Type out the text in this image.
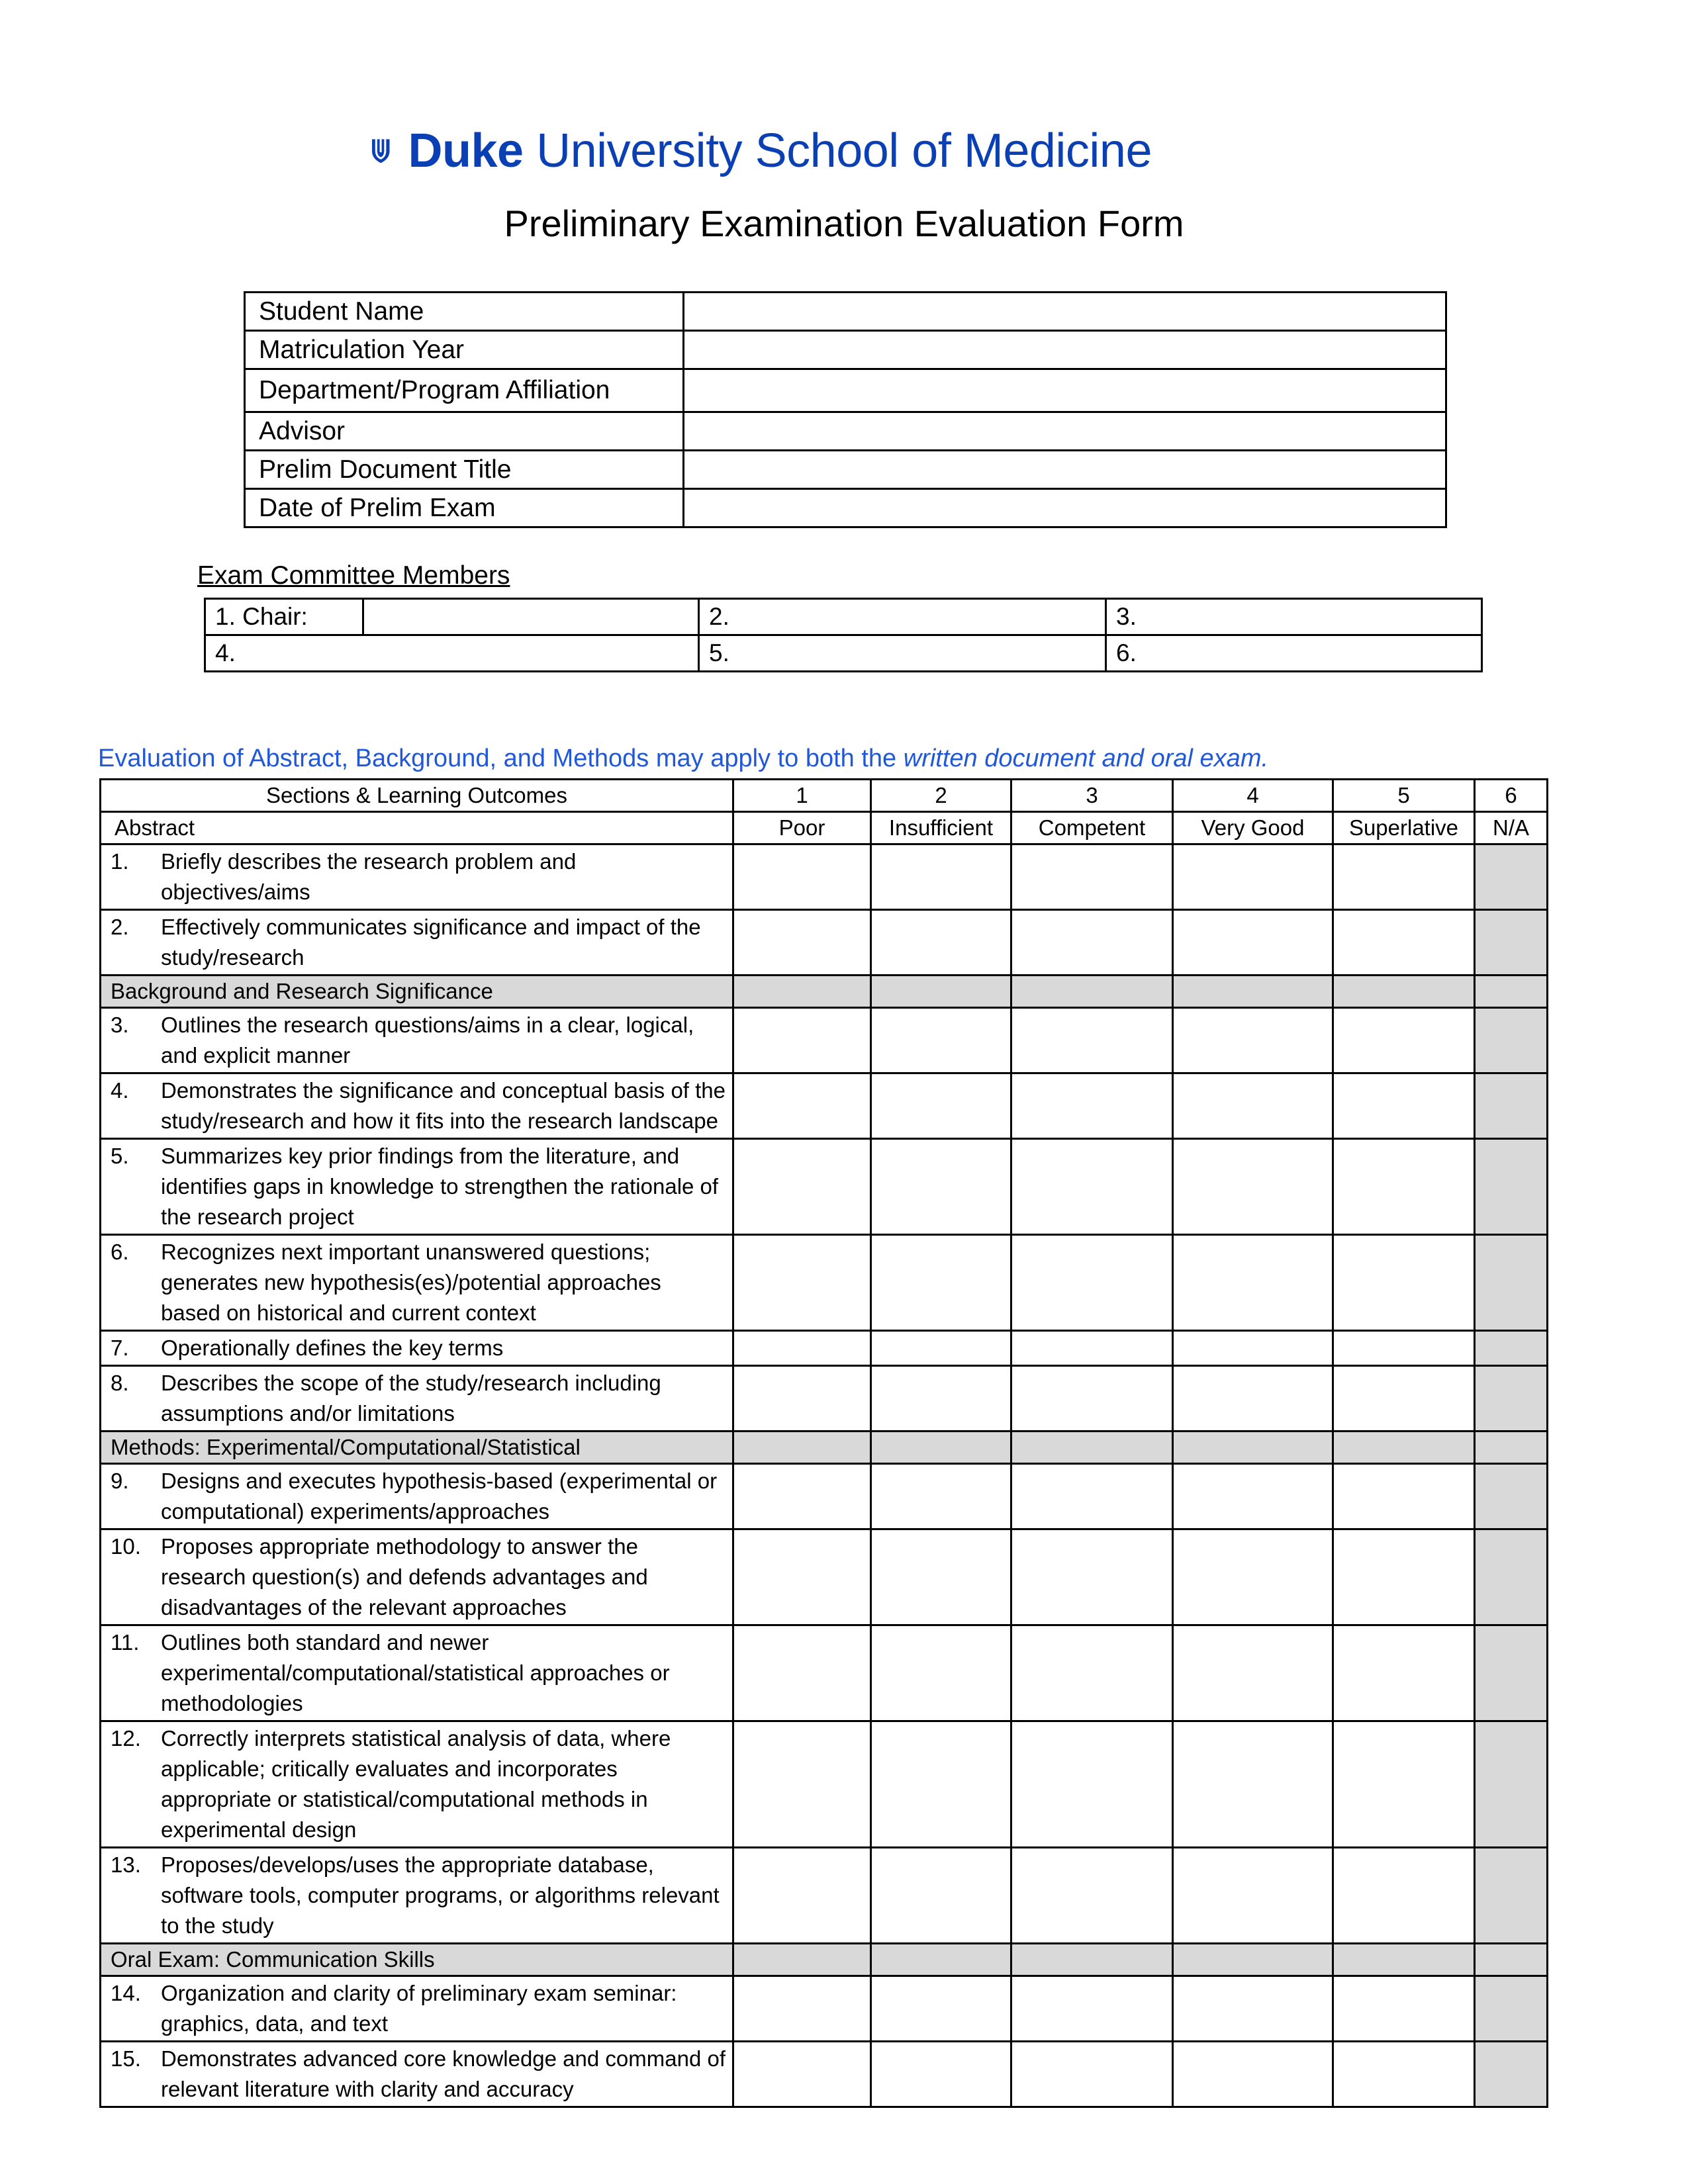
Duke University School of Medicine
Preliminary Examination Evaluation Form
Student Name	
Matriculation Year	
Department/Program Affiliation	
Advisor	
Prelim Document Title	
Date of Prelim Exam	
Exam Committee Members
1. Chair:		2.	3.
4.		5.	6.
Evaluation of Abstract, Background, and Methods may apply to both the written document and oral exam.
Sections & Learning Outcomes	1	2	3	4	5	6
Abstract	Poor	Insufficient	Competent	Very Good	Superlative	N/A

1. Briefly describes the research problem and objectives/aims						

2. Effectively communicates significance and impact of the study/research						

Background and Research Significance						

3. Outlines the research questions/aims in a clear, logical, and explicit manner						

4. Demonstrates the significance and conceptual basis of the study/research and how it fits into the research landscape						

5. Summarizes key prior findings from the literature, and identifies gaps in knowledge to strengthen the rationale of the research project						

6. Recognizes next important unanswered questions; generates new hypothesis(es)/potential approaches based on historical and current context						

7. Operationally defines the key terms						

8. Describes the scope of the study/research including assumptions and/or limitations						

Methods: Experimental/Computational/Statistical						

9. Designs and executes hypothesis-based (experimental or computational) experiments/approaches						

10. Proposes appropriate methodology to answer the research question(s) and defends advantages and disadvantages of the relevant approaches						

11. Outlines both standard and newer experimental/computational/statistical approaches or methodologies						

12. Correctly interprets statistical analysis of data, where applicable; critically evaluates and incorporates appropriate or statistical/computational methods in experimental design						

13. Proposes/develops/uses the appropriate database, software tools, computer programs, or algorithms relevant to the study						

Oral Exam: Communication Skills						

14. Organization and clarity of preliminary exam seminar: graphics, data, and text						

15. Demonstrates advanced core knowledge and command of relevant literature with clarity and accuracy						
